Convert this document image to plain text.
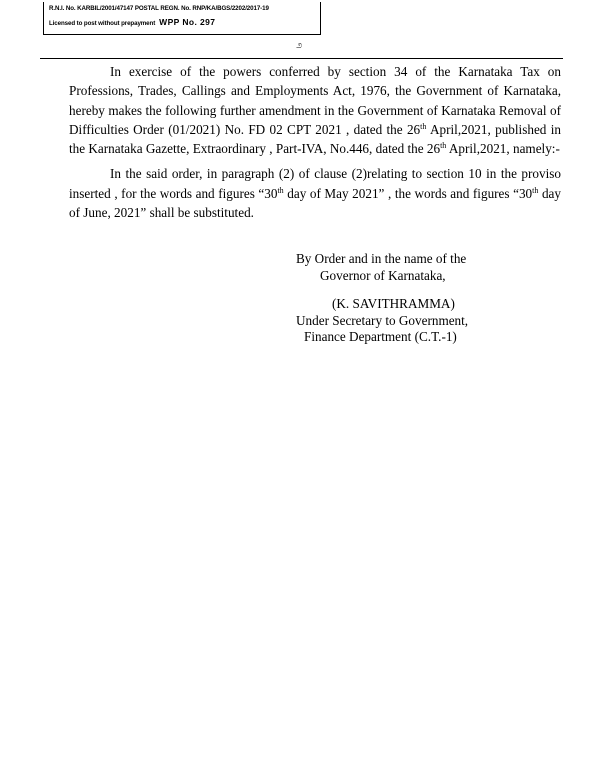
R.N.I. No. KARBIL/2001/47147 POSTAL REGN. No. RNP/KA/BGS/2202/2017-19
Licensed to post without prepayment WPP No. 297
೨

In exercise of the powers conferred by section 34 of the Karnataka Tax on Professions, Trades, Callings and Employments Act, 1976, the Government of Karnataka, hereby makes the following further amendment in the Government of Karnataka Removal of Difficulties Order (01/2021) No. FD 02 CPT 2021 , dated the 26th April,2021, published in the Karnataka Gazette, Extraordinary , Part-IVA, No.446, dated the 26th April,2021, namely:-

In the said order, in paragraph (2) of clause (2)relating to section 10 in the proviso inserted , for the words and figures “30th day of May 2021” , the words and figures “30th day of June, 2021” shall be substituted.

By Order and in the name of the
Governor of Karnataka,
(K. SAVITHRAMMA)
Under Secretary to Government,
Finance Department (C.T.-1)
